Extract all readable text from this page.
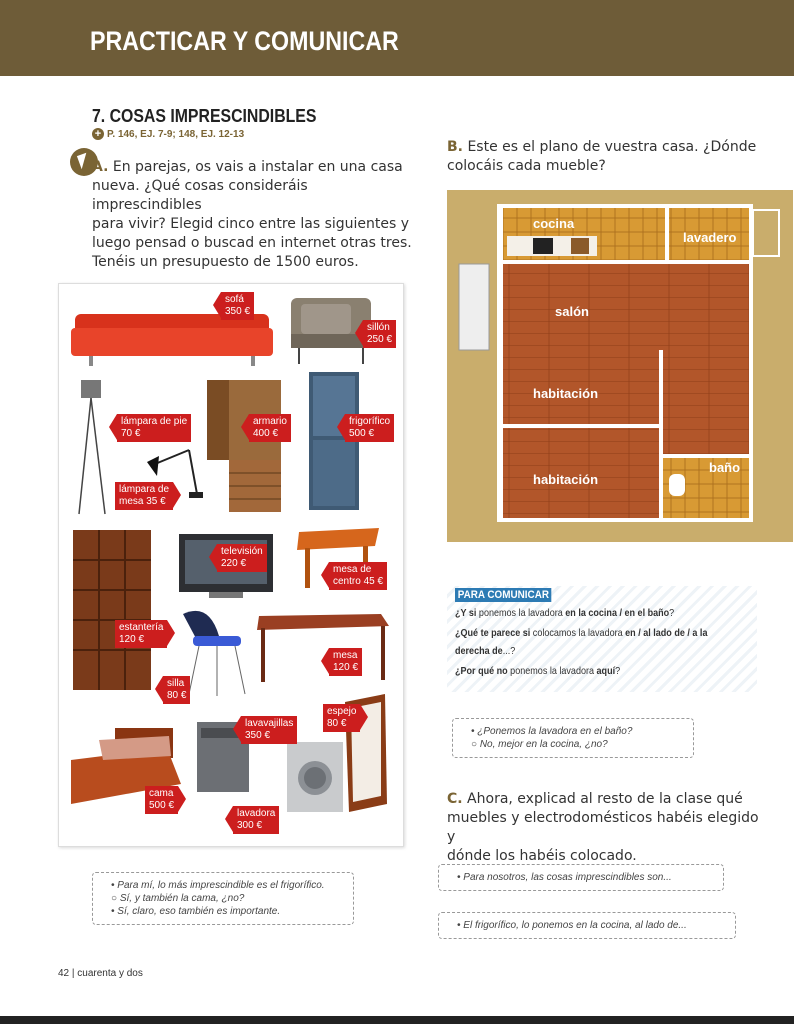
PRACTICAR Y COMUNICAR
7. COSAS IMPRESCINDIBLES
+ P. 146, EJ. 7-9; 148, EJ. 12-13
A. En parejas, os vais a instalar en una casa
nueva. ¿Qué cosas consideráis imprescindibles
para vivir? Elegid cinco entre las siguientes y
luego pensad o buscad en internet otras tres.
Tenéis un presupuesto de 1500 euros.
B. Este es el plano de vuestra casa. ¿Dónde
colocáis cada mueble?
sofá
350 €
sillón
250 €
lámpara de pie
70 €
armario
400 €
frigorífico
500 €
lámpara de
mesa 35 €
televisión
220 €
mesa de
centro 45 €
estantería
120 €
mesa
120 €
silla
80 €
espejo
80 €
lavavajillas
350 €
cama
500 €
lavadora
300 €
cocina
lavadero
salón
habitación
habitación
baño
PARA COMUNICAR
¿Y si ponemos la lavadora en la cocina / en el baño?
¿Qué te parece si colocamos la lavadora en / al lado de / a la
derecha de...?
¿Por qué no ponemos la lavadora aquí?
• ¿Ponemos la lavadora en el baño?
○ No, mejor en la cocina, ¿no?
C. Ahora, explicad al resto de la clase qué
muebles y electrodomésticos habéis elegido y
dónde los habéis colocado.
• Para nosotros, las cosas imprescindibles son...
• El frigorífico, lo ponemos en la cocina, al lado de...
• Para mí, lo más imprescindible es el frigorífico.
○ Sí, y también la cama, ¿no?
• Sí, claro, eso también es importante.
42 | cuarenta y dos
